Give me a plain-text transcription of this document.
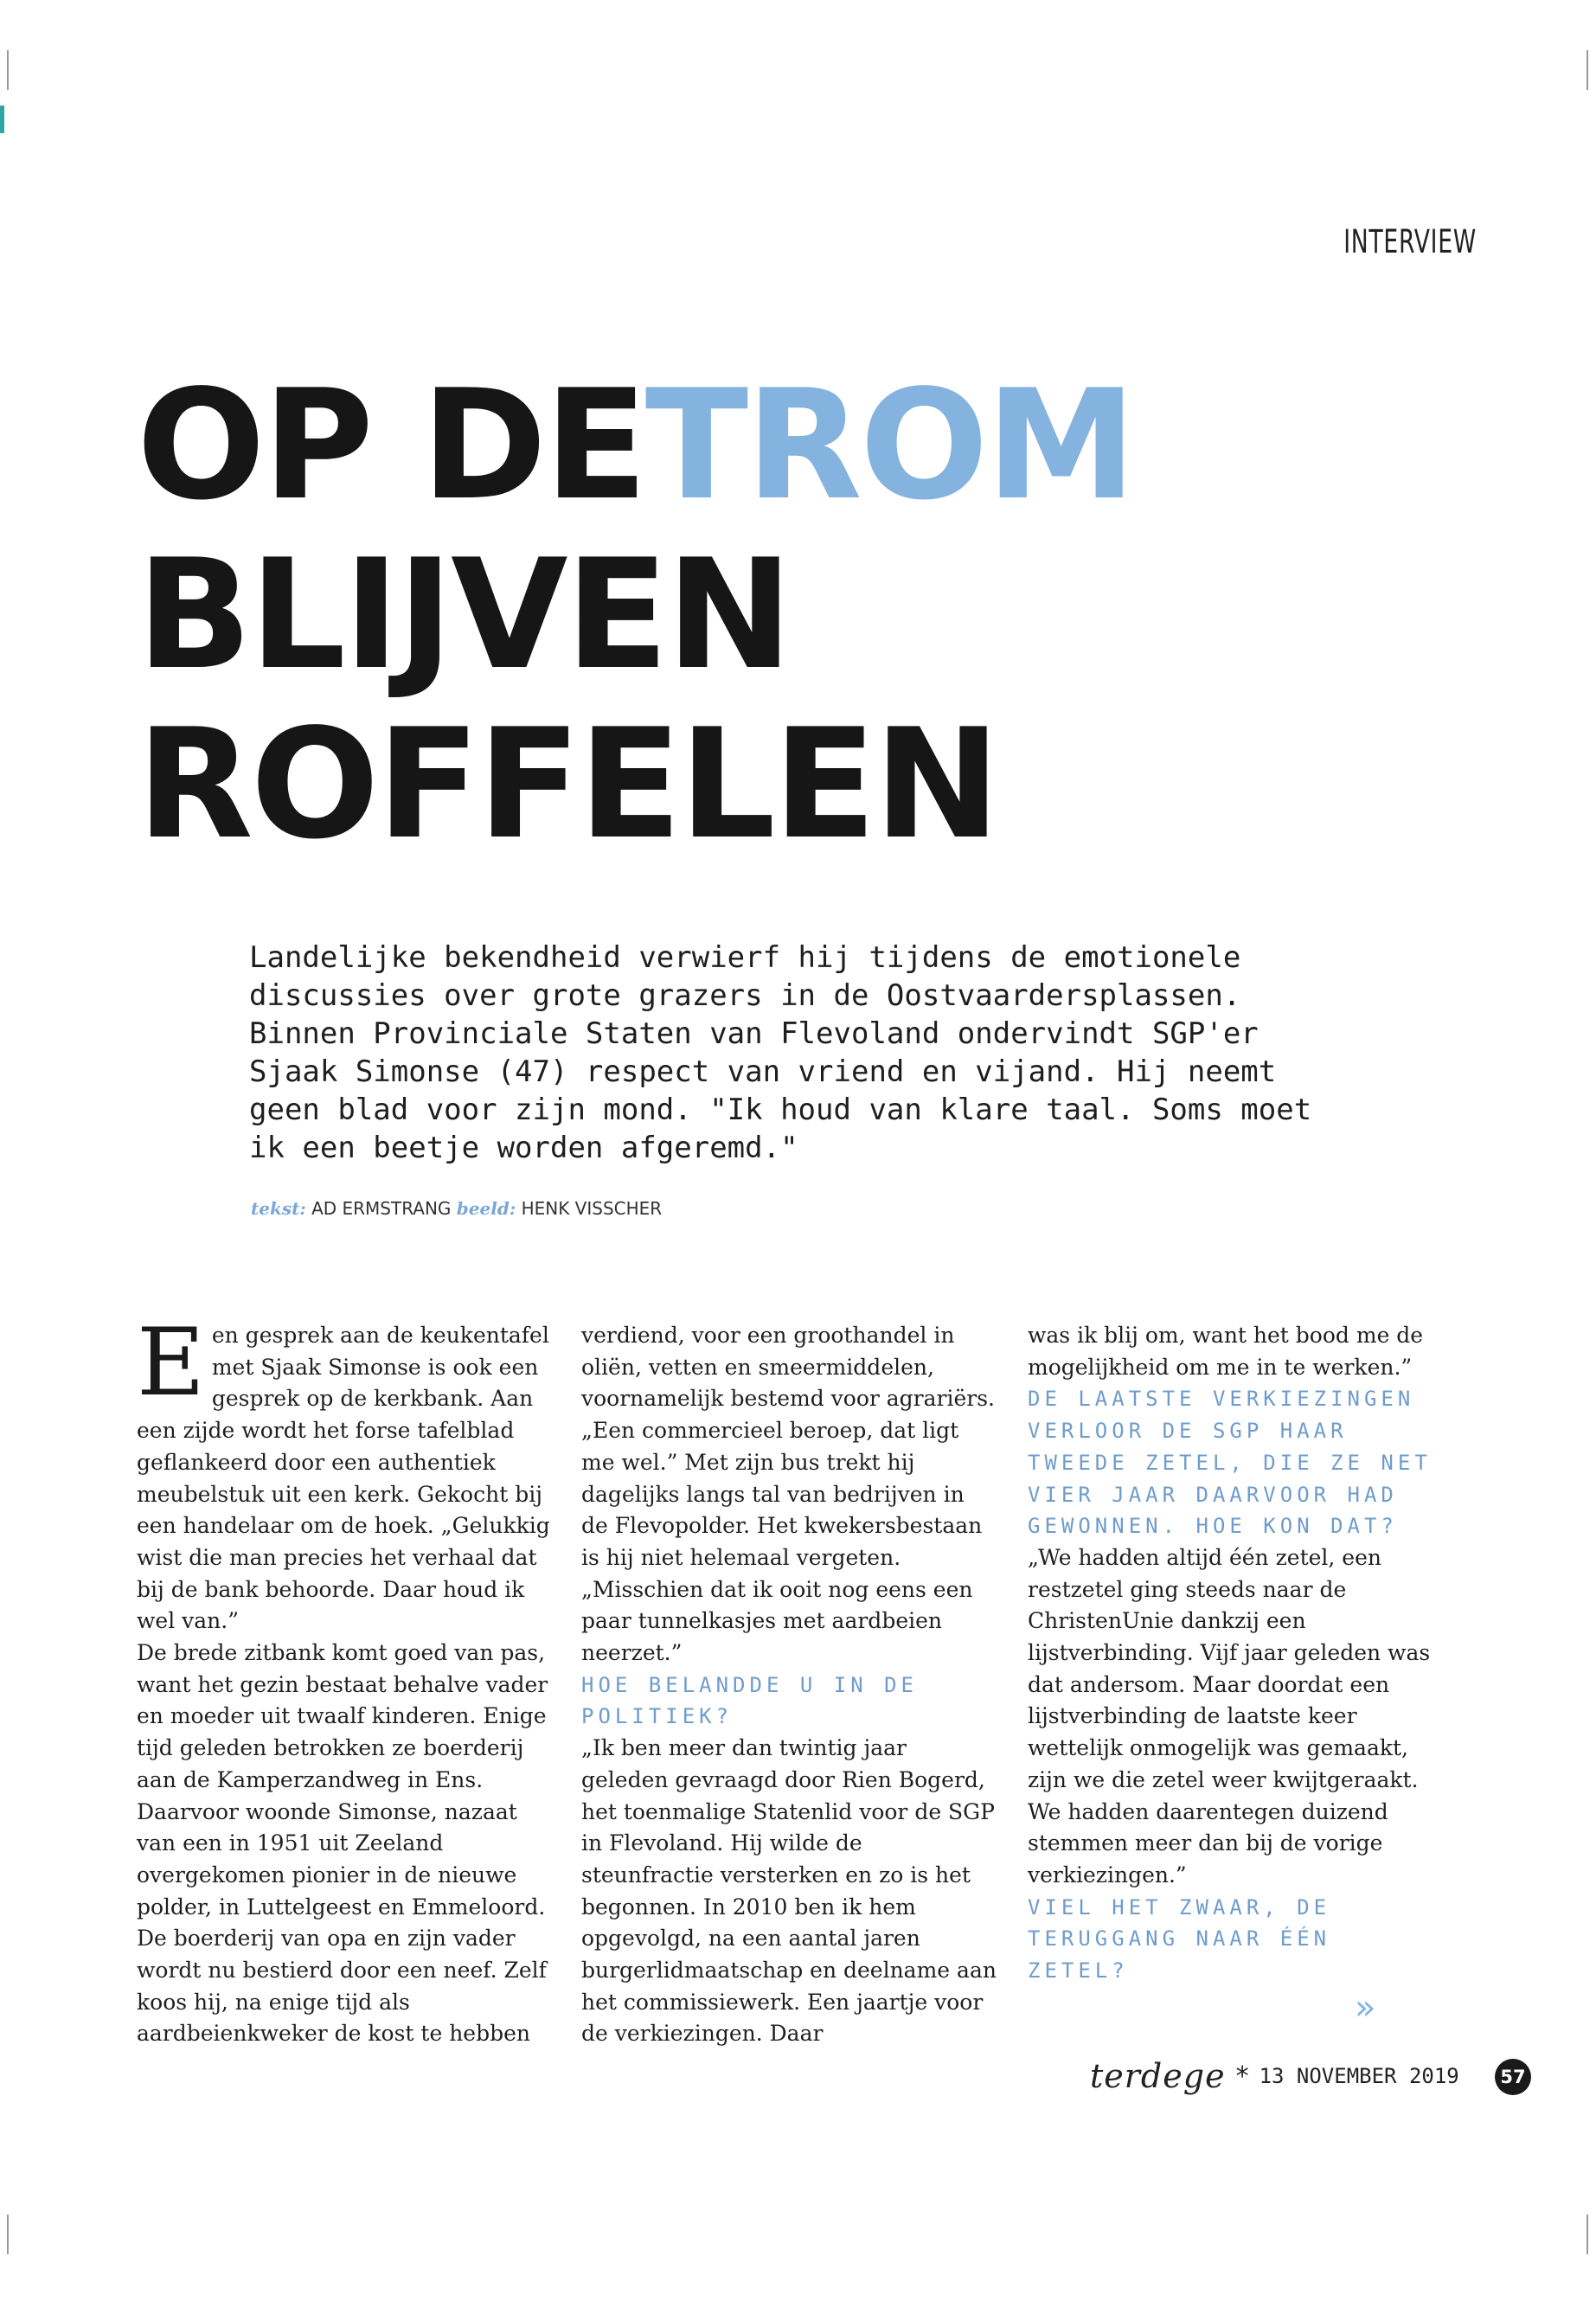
INTERVIEW
OP DETROM
BLIJVEN
ROFFELEN

Landelijke bekendheid verwierf hij tijdens de emotionele discussies over grote grazers in de Oostvaardersplassen. Binnen Provinciale Staten van Flevoland ondervindt SGP'er Sjaak Simonse (47) respect van vriend en vijand. Hij neemt geen blad voor zijn mond. "Ik houd van klare taal. Soms moet ik een beetje worden afgeremd."

tekst: AD ERMSTRANG beeld: HENK VISSCHER
E en gesprek aan de keukentafel met Sjaak Simonse is ook een gesprek op de kerkbank. Aan een zijde wordt het forse tafelblad geflankeerd door een authentiek meubelstuk uit een kerk. Gekocht bij een handelaar om de hoek. „Gelukkig wist die man precies het verhaal dat bij de bank behoorde. Daar houd ik wel van.”

De brede zitbank komt goed van pas, want het gezin bestaat behalve vader en moeder uit twaalf kinderen. Enige tijd geleden betrokken ze boerderij aan de Kamperzandweg in Ens. Daarvoor woonde Simonse, nazaat van een in 1951 uit Zeeland overgekomen pionier in de nieuwe polder, in Luttelgeest en Emmeloord. De boerderij van opa en zijn vader wordt nu bestierd door een neef. Zelf koos hij, na enige tijd als aardbeienkweker de kost te hebben

verdiend, voor een groothandel in oliën, vetten en smeermiddelen, voornamelijk bestemd voor agrariërs. „Een commercieel beroep, dat ligt me wel.” Met zijn bus trekt hij dagelijks langs tal van bedrijven in de Flevopolder. Het kwekersbestaan is hij niet helemaal vergeten. „Misschien dat ik ooit nog eens een paar tunnelkasjes met aardbeien neerzet.”

HOE BELANDDE U IN DE POLITIEK?

„Ik ben meer dan twintig jaar geleden gevraagd door Rien Bogerd, het toenmalige Statenlid voor de SGP in Flevoland. Hij wilde de steunfractie versterken en zo is het begonnen. In 2010 ben ik hem opgevolgd, na een aantal jaren burgerlidmaatschap en deelname aan het commissiewerk. Een jaartje voor de verkiezingen. Daar

was ik blij om, want het bood me de mogelijkheid om me in te werken.”

DE LAATSTE VERKIEZINGEN VERLOOR DE SGP HAAR TWEEDE ZETEL, DIE ZE NET VIER JAAR DAARVOOR HAD GEWONNEN. HOE KON DAT?

„We hadden altijd één zetel, een restzetel ging steeds naar de ChristenUnie dankzij een lijstverbinding. Vijf jaar geleden was dat andersom. Maar doordat een lijstverbinding de laatste keer wettelijk onmogelijk was gemaakt, zijn we die zetel weer kwijtgeraakt. We hadden daarentegen duizend stemmen meer dan bij de vorige verkiezingen.”

VIEL HET ZWAAR, DE TERUGGANG NAAR ÉÉN ZETEL?

»
terdege * 13 NOVEMBER 2019	57
